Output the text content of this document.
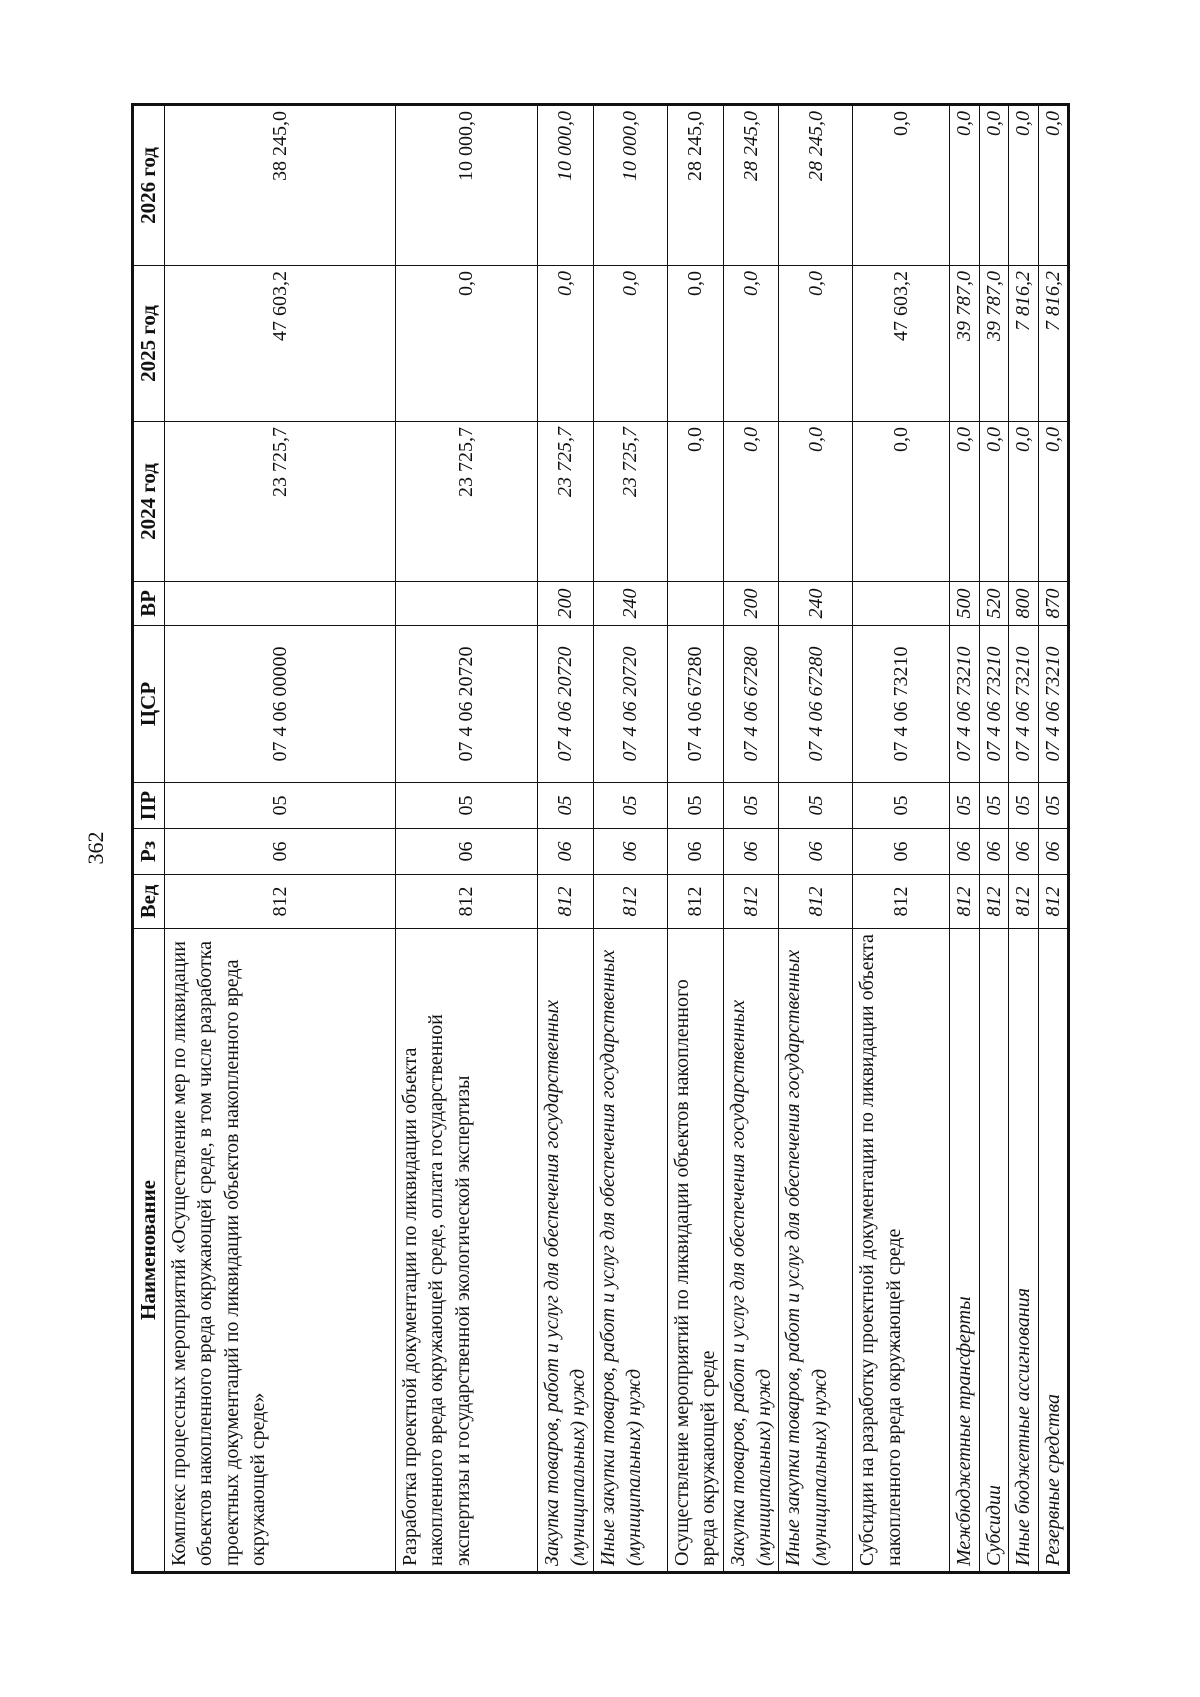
362
Наименование	Вед	Рз	ПР	ЦСР	ВР	2024 год	2025 год	2026 год
Комплекс процессных мероприятий «Осуществление мер по ликвидации объектов накопленного вреда окружающей среде, в том числе разработка проектных документаций по ликвидации объектов накопленного вреда окружающей среде»	812	06	05	07 4 06 00000		23 725,7	47 603,2	38 245,0
Разработка проектной документации по ликвидации объекта накопленного вреда окружающей среде, оплата государственной экспертизы и государственной экологической экспертизы	812	06	05	07 4 06 20720		23 725,7	0,0	10 000,0
Закупка товаров, работ и услуг для обеспечения государственных (муниципальных) нужд	812	06	05	07 4 06 20720	200	23 725,7	0,0	10 000,0
Иные закупки товаров, работ и услуг для обеспечения государственных (муниципальных) нужд	812	06	05	07 4 06 20720	240	23 725,7	0,0	10 000,0
Осуществление мероприятий по ликвидации объектов накопленного вреда окружающей среде	812	06	05	07 4 06 67280		0,0	0,0	28 245,0
Закупка товаров, работ и услуг для обеспечения государственных (муниципальных) нужд	812	06	05	07 4 06 67280	200	0,0	0,0	28 245,0
Иные закупки товаров, работ и услуг для обеспечения государственных (муниципальных) нужд	812	06	05	07 4 06 67280	240	0,0	0,0	28 245,0
Субсидии на разработку проектной документации по ликвидации объекта накопленного вреда окружающей среде	812	06	05	07 4 06 73210		0,0	47 603,2	0,0
Межбюджетные трансферты	812	06	05	07 4 06 73210	500	0,0	39 787,0	0,0
Субсидии	812	06	05	07 4 06 73210	520	0,0	39 787,0	0,0
Иные бюджетные ассигнования	812	06	05	07 4 06 73210	800	0,0	7 816,2	0,0
Резервные средства	812	06	05	07 4 06 73210	870	0,0	7 816,2	0,0
